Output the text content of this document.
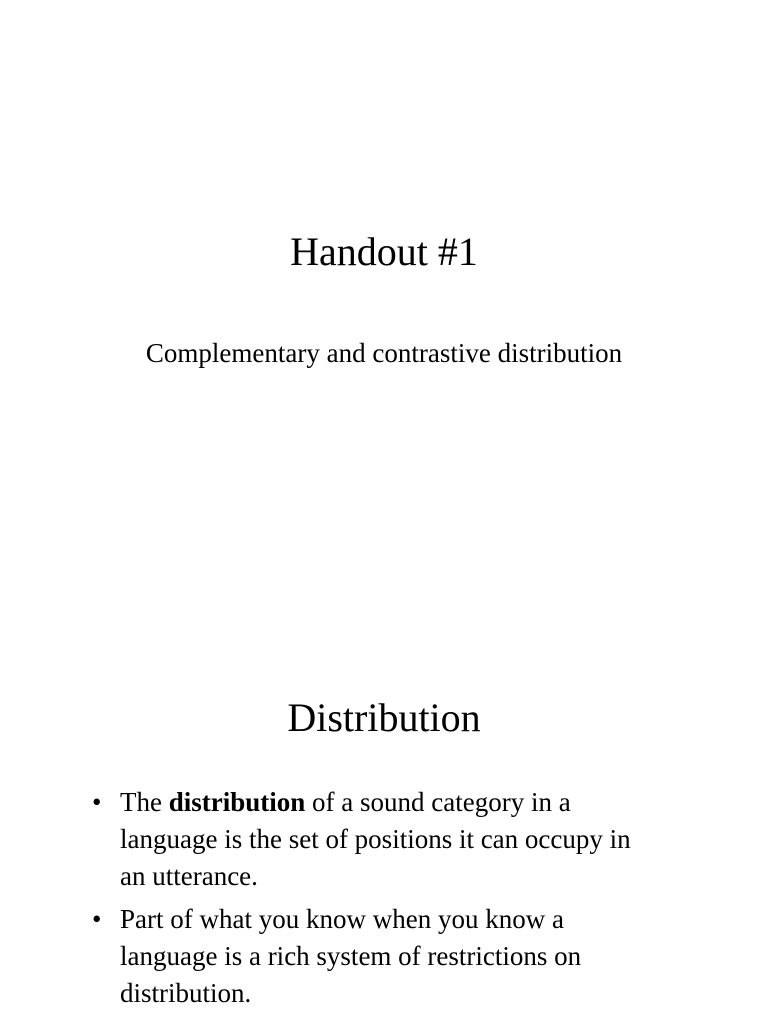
Handout #1
Complementary and contrastive distribution
Distribution
• The distribution of a sound category in a language is the set of positions it can occupy in an utterance.
• Part of what you know when you know a language is a rich system of restrictions on distribution.
